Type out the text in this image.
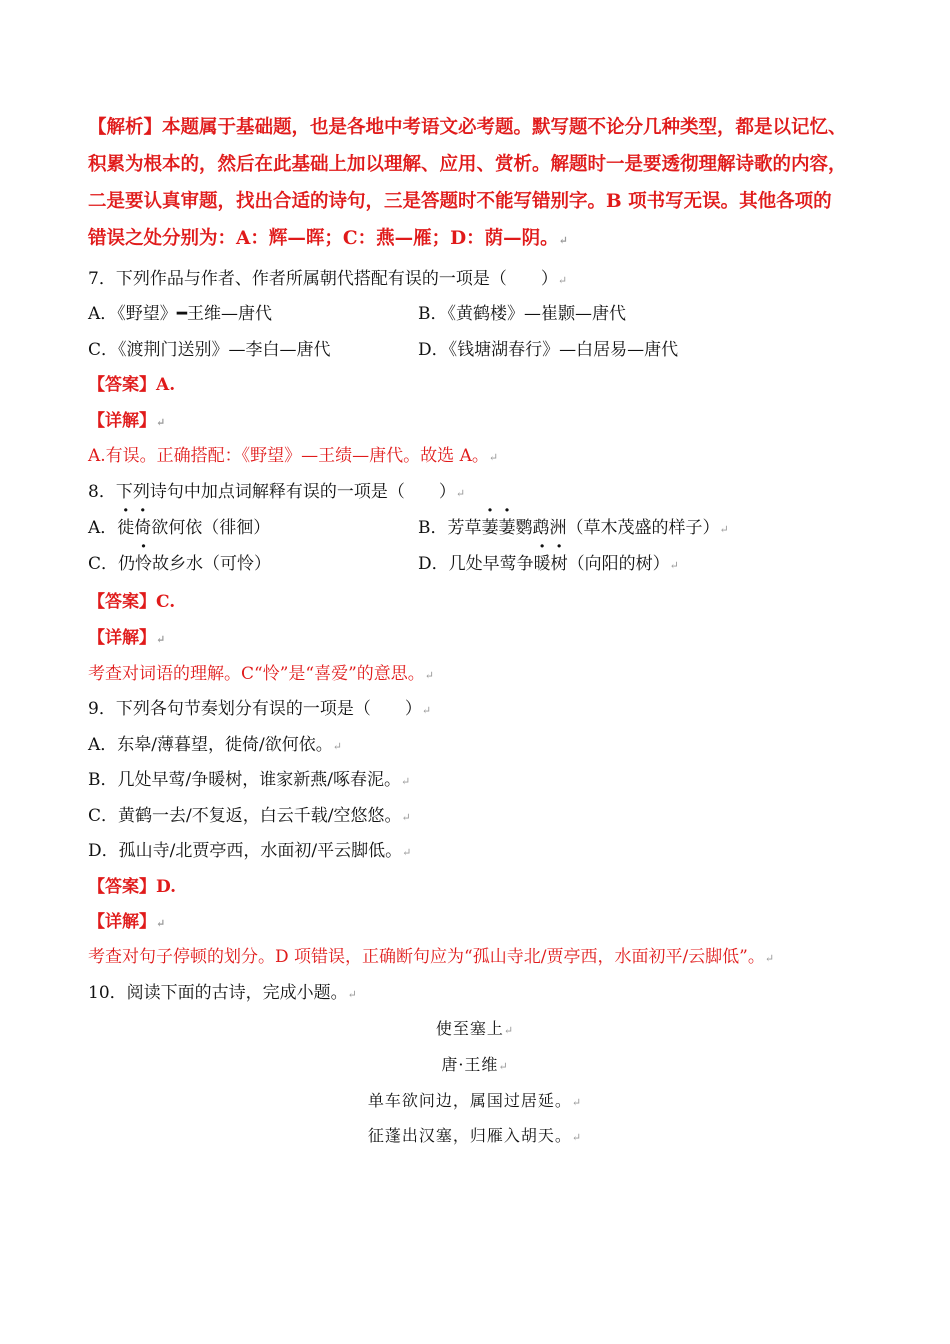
【解析】本题属于基础题，也是各地中考语文必考题。默写题不论分几种类型，都是以记忆、

积累为根本的，然后在此基础上加以理解、应用、赏析。解题时一是要透彻理解诗歌的内容，

二是要认真审题，找出合适的诗句，三是答题时不能写错别字。B 项书写无误。其他各项的

错误之处分别为：A：辉—晖；C：燕—雁；D：荫—阴。↵

7．下列作品与作者、作者所属朝代搭配有误的一项是（　　）↵
A．《野望》━王维—唐代	B．《黄鹤楼》—崔颢—唐代
C．《渡荆门送别》—李白—唐代	D．《钱塘湖春行》—白居易—唐代
【答案】A.
【详解】↵
A.有误。正确搭配：《野望》—王绩—唐代。故选 A。↵
8．下列诗句中加点词解释有误的一项是（　　）↵
A．徙倚欲何依（徘徊）	B．芳草萋萋鹦鹉洲（草木茂盛的样子）↵
C．仍怜故乡水（可怜）	D．几处早莺争暖树（向阳的树）↵
【答案】C.
【详解】↵
考查对词语的理解。C“怜”是“喜爱”的意思。↵
9．下列各句节奏划分有误的一项是（　　）↵
A．东皋/薄暮望，徙倚/欲何依。↵
B．几处早莺/争暖树，谁家新燕/啄春泥。↵
C．黄鹤一去/不复返，白云千载/空悠悠。↵
D．孤山寺/北贾亭西，水面初/平云脚低。↵
【答案】D.
【详解】↵
考查对句子停顿的划分。D 项错误，正确断句应为“孤山寺北/贾亭西，水面初平/云脚低”。↵
10．阅读下面的古诗，完成小题。↵
使至塞上↵
唐·王维↵
单车欲问边，属国过居延。↵
征蓬出汉塞，归雁入胡天。↵
